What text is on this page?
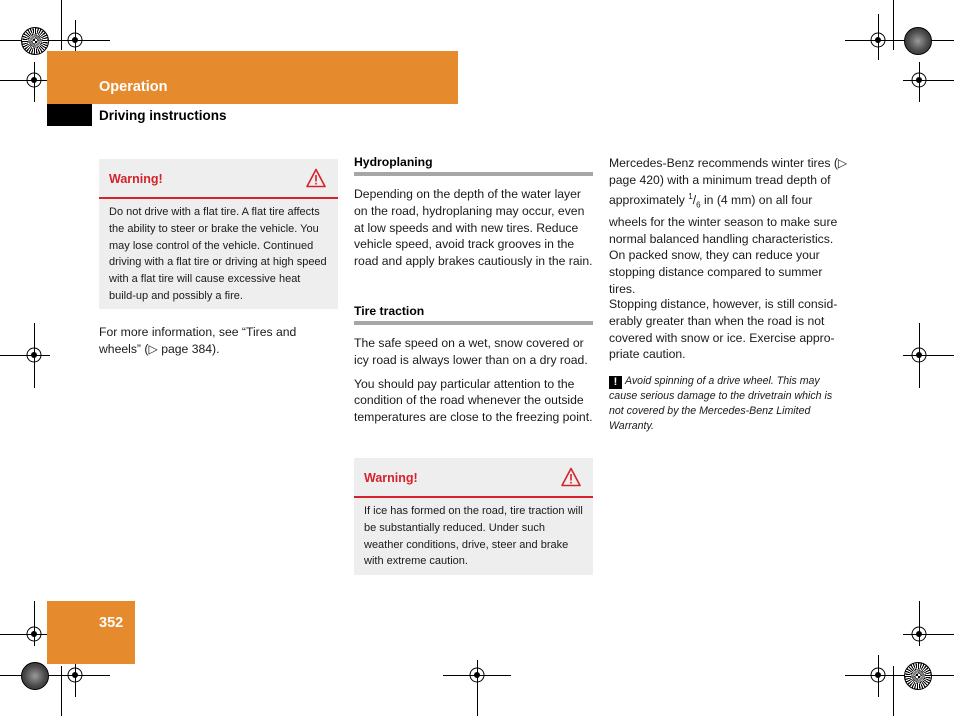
Operation
Driving instructions
Warning!
Do not drive with a flat tire. A flat tire affects the ability to steer or brake the vehicle. You may lose control of the vehicle. Continued driving with a flat tire or driving at high speed with a flat tire will cause excessive heat build-up and possibly a fire.
For more information, see “Tires and wheels” (▷ page 384).
Hydroplaning
Depending on the depth of the water layer on the road, hydroplaning may occur, even at low speeds and with new tires. Reduce vehicle speed, avoid track grooves in the road and apply brakes cautiously in the rain.
Tire traction
The safe speed on a wet, snow covered or icy road is always lower than on a dry road.
You should pay particular attention to the condition of the road whenever the outside temperatures are close to the freezing point.
Warning!
If ice has formed on the road, tire traction will be substantially reduced. Under such weather conditions, drive, steer and brake with extreme caution.
Mercedes-Benz recommends winter tires (▷ page 420) with a minimum tread depth of approximately $^1/_6$ in (4 mm) on all four wheels for the winter season to make sure normal balanced handling characteristics. On packed snow, they can reduce your stopping distance compared to summer tires.
Stopping distance, however, is still consid-erably greater than when the road is not covered with snow or ice. Exercise appro-priate caution.
! Avoid spinning of a drive wheel. This may cause serious damage to the drivetrain which is not covered by the Mercedes-Benz Limited Warranty.
352
